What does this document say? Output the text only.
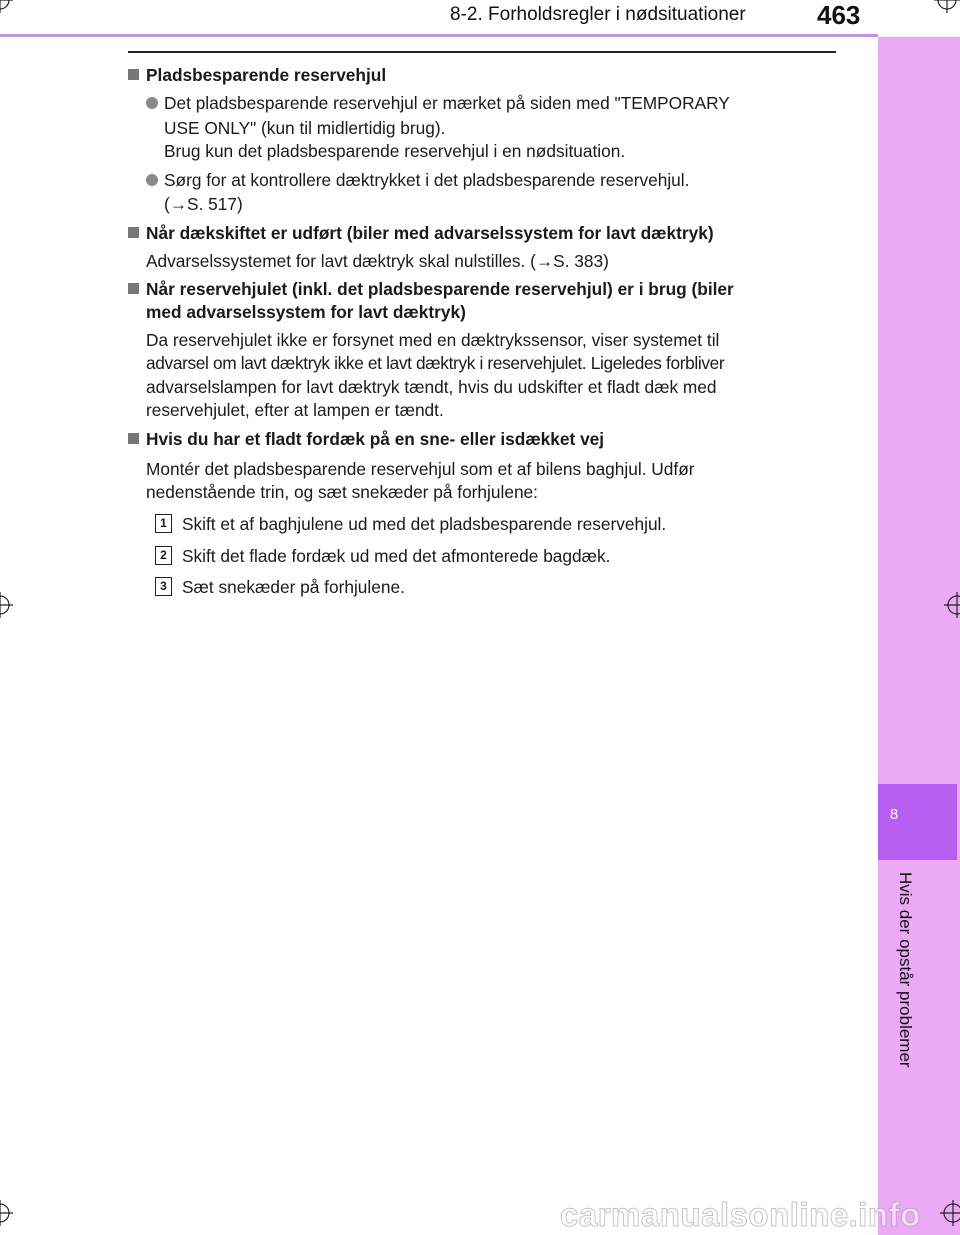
8-2. Forholdsregler i nødsituationer	463
8
Hvis der opstår problemer
Pladsbesparende reservehjul
Det pladsbesparende reservehjul er mærket på siden med "TEMPORARY
USE ONLY" (kun til midlertidig brug).
Brug kun det pladsbesparende reservehjul i en nødsituation.
Sørg for at kontrollere dæktrykket i det pladsbesparende reservehjul.
(→S. 517)
Når dækskiftet er udført (biler med advarselssystem for lavt dæktryk)
Advarselssystemet for lavt dæktryk skal nulstilles. (→S. 383)
Når reservehjulet (inkl. det pladsbesparende reservehjul) er i brug (biler
med advarselssystem for lavt dæktryk)
Da reservehjulet ikke er forsynet med en dæktrykssensor, viser systemet til
advarsel om lavt dæktryk ikke et lavt dæktryk i reservehjulet. Ligeledes forbliver
advarselslampen for lavt dæktryk tændt, hvis du udskifter et fladt dæk med
reservehjulet, efter at lampen er tændt.
Hvis du har et fladt fordæk på en sne- eller isdækket vej
Montér det pladsbesparende reservehjul som et af bilens baghjul. Udfør
nedenstående trin, og sæt snekæder på forhjulene:
1 Skift et af baghjulene ud med det pladsbesparende reservehjul.
2 Skift det flade fordæk ud med det afmonterede bagdæk.
3 Sæt snekæder på forhjulene.
carmanualsonline.info
